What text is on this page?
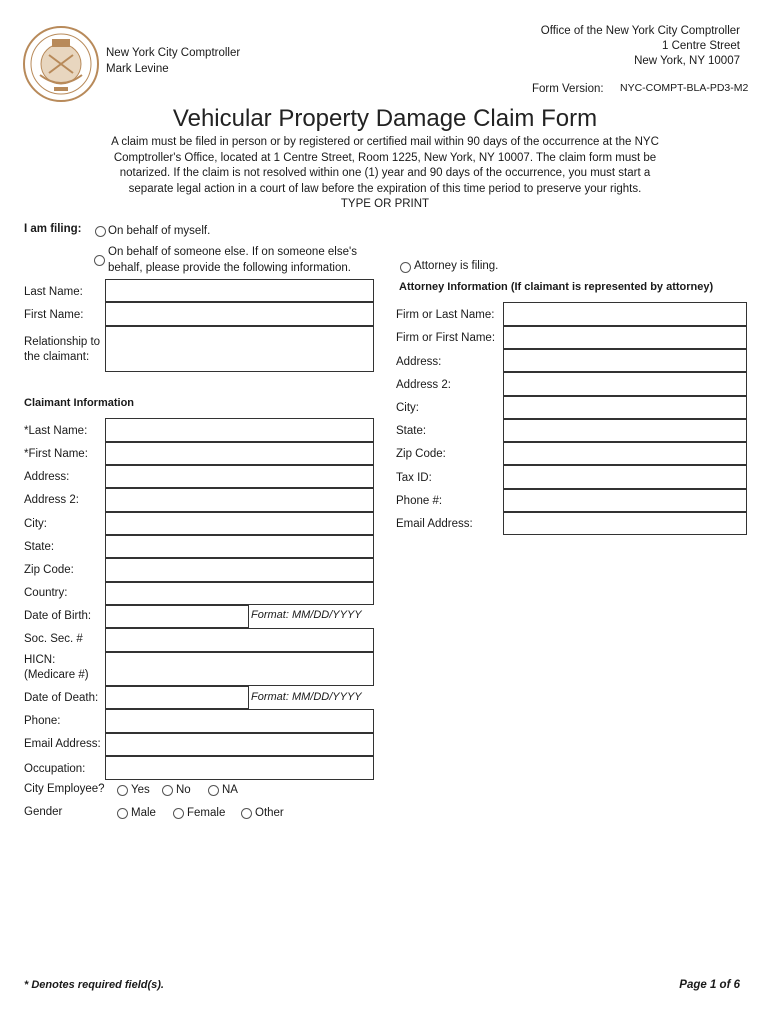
New York City Comptroller
Mark Levine
Office of the New York City Comptroller
1 Centre Street
New York, NY 10007
Form Version: NYC-COMPT-BLA-PD3-M2
Vehicular Property Damage Claim Form
A claim must be filed in person or by registered or certified mail within 90 days of the occurrence at the NYC
Comptroller's Office, located at 1 Centre Street, Room 1225, New York, NY 10007. The claim form must be
notarized. If the claim is not resolved within one (1) year and 90 days of the occurrence, you must start a
separate legal action in a court of law before the expiration of this time period to preserve your rights.
TYPE OR PRINT
I am filing: On behalf of myself.
On behalf of someone else. If on someone else's
behalf, please provide the following information.	Attorney is filing.
Last Name:
First Name:
Relationship to
the claimant:
Attorney Information (If claimant is represented by attorney)
Firm or Last Name:
Firm or First Name:
Address:
Address 2:
City:
State:
Zip Code:
Tax ID:
Phone #:
Email Address:
Claimant Information
*Last Name:
*First Name:
Address:
Address 2:
City:
State:
Zip Code:
Country:
Date of Birth:	Format: MM/DD/YYYY
Soc. Sec. #
HICN:
(Medicare #)
Date of Death:	Format: MM/DD/YYYY
Phone:
Email Address:
Occupation:
City Employee? Yes No	NA
Gender	Male	Female	Other
* Denotes required field(s).	Page 1 of 6
